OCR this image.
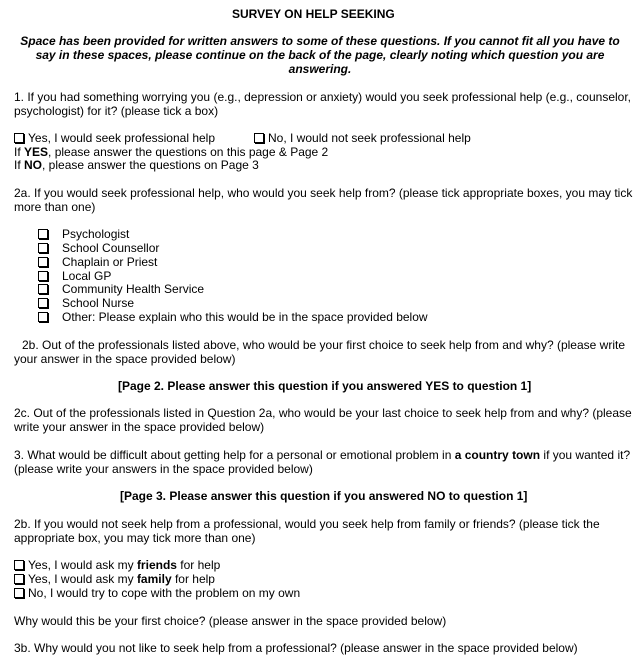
SURVEY ON HELP SEEKING
Space has been provided for written answers to some of these questions. If you cannot fit all you have to say in these spaces, please continue on the back of the page, clearly noting which question you are answering.
1. If you had something worrying you (e.g., depression or anxiety) would you seek professional help (e.g., counselor, psychologist) for it? (please tick a box)
Yes, I would seek professional help	No, I would not seek professional help
If YES, please answer the questions on this page & Page 2
If NO, please answer the questions on Page 3
2a. If you would seek professional help, who would you seek help from? (please tick appropriate boxes, you may tick more than one)
Psychologist
School Counsellor
Chaplain or Priest
Local GP
Community Health Service
School Nurse
Other: Please explain who this would be in the space provided below
2b. Out of the professionals listed above, who would be your first choice to seek help from and why? (please write your answer in the space provided below)
[Page 2. Please answer this question if you answered YES to question 1]
2c. Out of the professionals listed in Question 2a, who would be your last choice to seek help from and why? (please write your answer in the space provided below)
3. What would be difficult about getting help for a personal or emotional problem in a country town if you wanted it? (please write your answers in the space provided below)
[Page 3. Please answer this question if you answered NO to question 1]
2b. If you would not seek help from a professional, would you seek help from family or friends? (please tick the appropriate box, you may tick more than one)
Yes, I would ask my friends for help
Yes, I would ask my family for help
No, I would try to cope with the problem on my own
Why would this be your first choice? (please answer in the space provided below)
3b. Why would you not like to seek help from a professional? (please answer in the space provided below)
